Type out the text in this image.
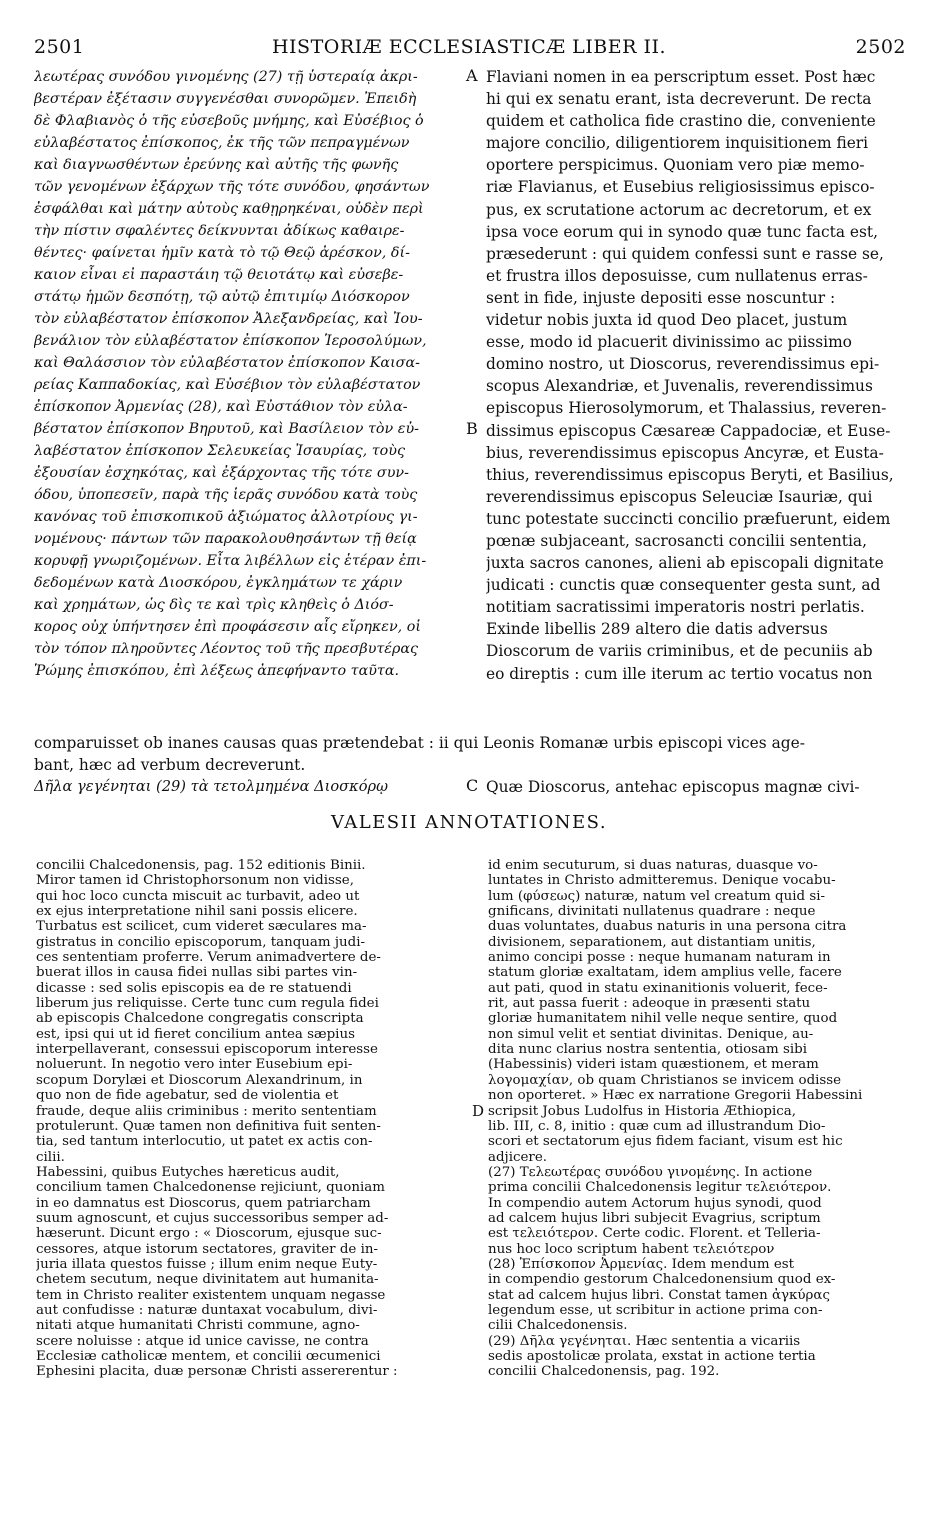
2501	HISTORIÆ ECCLESIASTICÆ LIBER II.	2502
A
B
C
D
λεωτέρας συνόδου γινομένης (27) τῇ ὑστεραίᾳ ἀκρι-
βεστέραν ἐξέτασιν συγγενέσθαι συνορῶμεν. Ἐπειδὴ
δὲ Φλαβιανὸς ὁ τῆς εὐσεβοῦς μνήμης, καὶ Εὐσέβιος ὁ
εὐλαβέστατος ἐπίσκοπος, ἐκ τῆς τῶν πεπραγμένων
καὶ διαγνωσθέντων ἐρεύνης καὶ αὐτῆς τῆς φωνῆς
τῶν γενομένων ἐξάρχων τῆς τότε συνόδου, φησάντων
ἐσφάλθαι καὶ μάτην αὐτοὺς καθῃρηκέναι, οὐδὲν περὶ
τὴν πίστιν σφαλέντες δείκνυνται ἀδίκως καθαιρε-
θέντες· φαίνεται ἡμῖν κατὰ τὸ τῷ Θεῷ ἀρέσκον, δί-
καιον εἶναι εἰ παραστάιη τῷ θειοτάτῳ καὶ εὐσεβε-
στάτῳ ἡμῶν δεσπότῃ, τῷ αὐτῷ ἐπιτιμίῳ Διόσκορον
τὸν εὐλαβέστατον ἐπίσκοπον Ἀλεξανδρείας, καὶ Ἰου-
βενάλιον τὸν εὐλαβέστατον ἐπίσκοπον Ἱεροσολύμων,
καὶ Θαλάσσιον τὸν εὐλαβέστατον ἐπίσκοπον Καισα-
ρείας Καππαδοκίας, καὶ Εὐσέβιον τὸν εὐλαβέστατον
ἐπίσκοπον Ἀρμενίας (28), καὶ Εὐστάθιον τὸν εὐλα-
βέστατον ἐπίσκοπον Βηρυτοῦ, καὶ Βασίλειον τὸν εὐ-
λαβέστατον ἐπίσκοπον Σελευκείας Ἰσαυρίας, τοὺς
ἐξουσίαν ἐσχηκότας, καὶ ἐξάρχοντας τῆς τότε συν-
όδου, ὑποπεσεῖν, παρὰ τῆς ἱερᾶς συνόδου κατὰ τοὺς
κανόνας τοῦ ἐπισκοπικοῦ ἀξιώματος ἀλλοτρίους γι-
νομένους· πάντων τῶν παρακολουθησάντων τῇ θείᾳ
κορυφῇ γνωριζομένων. Εἶτα λιβέλλων εἰς ἑτέραν ἐπι-
δεδομένων κατὰ Διοσκόρου, ἐγκλημάτων τε χάριν
καὶ χρημάτων, ὡς δὶς τε καὶ τρὶς κληθεὶς ὁ Διόσ-
κορος οὐχ ὑπήντησεν ἐπὶ προφάσεσιν αἷς εἴρηκεν, οἱ
τὸν τόπον πληροῦντες Λέοντος τοῦ τῆς πρεσβυτέρας
Ῥώμης ἐπισκόπου, ἐπὶ λέξεως ἀπεφήναντο ταῦτα.
Flaviani nomen in ea perscriptum esset. Post hæc
hi qui ex senatu erant, ista decreverunt. De recta
quidem et catholica fide crastino die, conveniente
majore concilio, diligentiorem inquisitionem fieri
oportere perspicimus. Quoniam vero piæ memo-
riæ Flavianus, et Eusebius religiosissimus episco-
pus, ex scrutatione actorum ac decretorum, et ex
ipsa voce eorum qui in synodo quæ tunc facta est,
præsederunt : qui quidem confessi sunt e rasse se,
et frustra illos deposuisse, cum nullatenus erras-
sent in fide, injuste depositi esse noscuntur :
videtur nobis juxta id quod Deo placet, justum
esse, modo id placuerit divinissimo ac piissimo
domino nostro, ut Dioscorus, reverendissimus epi-
scopus Alexandriæ, et Juvenalis, reverendissimus
episcopus Hierosolymorum, et Thalassius, reveren-
dissimus episcopus Cæsareæ Cappadociæ, et Euse-
bius, reverendissimus episcopus Ancyræ, et Eusta-
thius, reverendissimus episcopus Beryti, et Basilius,
reverendissimus episcopus Seleuciæ Isauriæ, qui
tunc potestate succincti concilio præfuerunt, eidem
pœnæ subjaceant, sacrosancti concilii sententia,
juxta sacros canones, alieni ab episcopali dignitate
judicati : cunctis quæ consequenter gesta sunt, ad
notitiam sacratissimi imperatoris nostri perlatis.
Exinde libellis 289 altero die datis adversus
Dioscorum de variis criminibus, et de pecuniis ab
eo direptis : cum ille iterum ac tertio vocatus non
comparuisset ob inanes causas quas prætendebat : ii qui Leonis Romanæ urbis episcopi vices age-
bant, hæc ad verbum decreverunt.
Δῆλα γεγένηται (29) τὰ τετολμημένα Διοσκόρῳ	Quæ Dioscorus, antehac episcopus magnæ civi-
VALESII ANNOTATIONES.
concilii Chalcedonensis, pag. 152 editionis Binii.
Miror tamen id Christophorsonum non vidisse,
qui hoc loco cuncta miscuit ac turbavit, adeo ut
ex ejus interpretatione nihil sani possis elicere.
Turbatus est scilicet, cum videret sæculares ma-
gistratus in concilio episcoporum, tanquam judi-
ces sententiam proferre. Verum animadvertere de-
buerat illos in causa fidei nullas sibi partes vin-
dicasse : sed solis episcopis ea de re statuendi
liberum jus reliquisse. Certe tunc cum regula fidei
ab episcopis Chalcedone congregatis conscripta
est, ipsi qui ut id fieret concilium antea sæpius
interpellaverant, consessui episcoporum interesse
noluerunt. In negotio vero inter Eusebium epi-
scopum Dorylæi et Dioscorum Alexandrinum, in
quo non de fide agebatur, sed de violentia et
fraude, deque aliis criminibus : merito sententiam
protulerunt. Quæ tamen non definitiva fuit senten-
tia, sed tantum interlocutio, ut patet ex actis con-
cilii.
Habessini, quibus Eutyches hæreticus audit,
concilium tamen Chalcedonense rejiciunt, quoniam
in eo damnatus est Dioscorus, quem patriarcham
suum agnoscunt, et cujus successoribus semper ad-
hæserunt. Dicunt ergo : « Dioscorum, ejusque suc-
cessores, atque istorum sectatores, graviter de in-
juria illata questos fuisse ; illum enim neque Euty-
chetem secutum, neque divinitatem aut humanita-
tem in Christo realiter existentem unquam negasse
aut confudisse : naturæ duntaxat vocabulum, divi-
nitati atque humanitati Christi commune, agno-
scere noluisse : atque id unice cavisse, ne contra
Ecclesiæ catholicæ mentem, et concilii œcumenici
Ephesini placita, duæ personæ Christi assererentur :
id enim secuturum, si duas naturas, duasque vo-
luntates in Christo admitteremus. Denique vocabu-
lum (φύσεως) naturæ, natum vel creatum quid si-
gnificans, divinitati nullatenus quadrare : neque
duas voluntates, duabus naturis in una persona citra
divisionem, separationem, aut distantiam unitis,
animo concipi posse : neque humanam naturam in
statum gloriæ exaltatam, idem amplius velle, facere
aut pati, quod in statu exinanitionis voluerit, fece-
rit, aut passa fuerit : adeoque in præsenti statu
gloriæ humanitatem nihil velle neque sentire, quod
non simul velit et sentiat divinitas. Denique, au-
dita nunc clarius nostra sententia, otiosam sibi
(Habessinis) videri istam quæstionem, et meram
λογομαχίαν, ob quam Christianos se invicem odisse
non oporteret. » Hæc ex narratione Gregorii Habessini
scripsit Jobus Ludolfus in Historia Æthiopica,
lib. III, c. 8, initio : quæ cum ad illustrandum Dio-
scori et sectatorum ejus fidem faciant, visum est hic
adjicere.
(27) Τελεωτέρας συνόδου γινομένης. In actione
prima concilii Chalcedonensis legitur τελειότερον.
In compendio autem Actorum hujus synodi, quod
ad calcem hujus libri subjecit Evagrius, scriptum
est τελειότερον. Certe codic. Florent. et Telleria-
nus hoc loco scriptum habent τελειότερον
(28) Ἐπίσκοπον Ἀρμενίας. Idem mendum est
in compendio gestorum Chalcedonensium quod ex-
stat ad calcem hujus libri. Constat tamen ἀγκύρας
legendum esse, ut scribitur in actione prima con-
cilii Chalcedonensis.
(29) Δῆλα γεγένηται. Hæc sententia a vicariis
sedis apostolicæ prolata, exstat in actione tertia
concilii Chalcedonensis, pag. 192.
